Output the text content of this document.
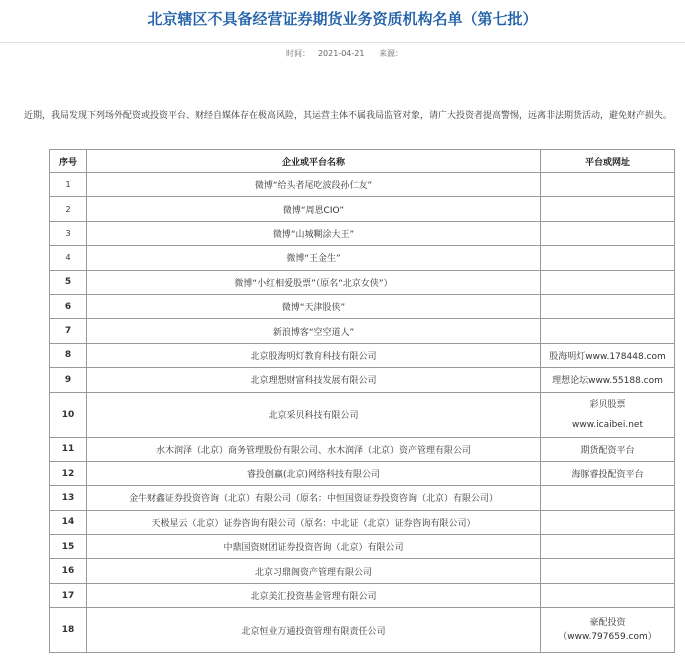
北京辖区不具备经营证券期货业务资质机构名单（第七批）
时间： 2021-04-21 来源：
近期，我局发现下列场外配资或投资平台、财经自媒体存在极高风险，其运营主体不属我局监管对象，请广大投资者提高警惕，远离非法期货活动，避免财产损失。
序号	企业或平台名称	平台或网址
1	微博“给头者尾吃波段孙仁友”	
2	微博“周恩CIO”	
3	微博“山城糊涂大王”	
4	微博“王金生”	
5	微博“小红相爱股票”（原名“北京女侠”）	
6	微博“天津股侠”	
7	新浪博客“空空道人”	
8	北京股海明灯教育科技有限公司	股海明灯www.178448.com
9	北京理想财富科技发展有限公司	理想论坛www.55188.com
10	北京采贝科技有限公司	彩贝股票
www.icaibei.net

11	水木润泽（北京）商务管理股份有限公司、水木润泽（北京）资产管理有限公司	期货配资平台
12	睿投创赢(北京)网络科技有限公司	海豚睿投配资平台
13	金牛财鑫证券投资咨询（北京）有限公司（原名：中恒国资证券投资咨询（北京）有限公司）	
14	天极星云（北京）证券咨询有限公司（原名：中北证（北京）证券咨询有限公司）	
15	中鼎国资财团证券投资咨询（北京）有限公司	
16	北京习鼎阁资产管理有限公司	
17	北京美汇投资基金管理有限公司	
18	北京恒业万通投资管理有限责任公司	豪配投资
（www.797659.com）
